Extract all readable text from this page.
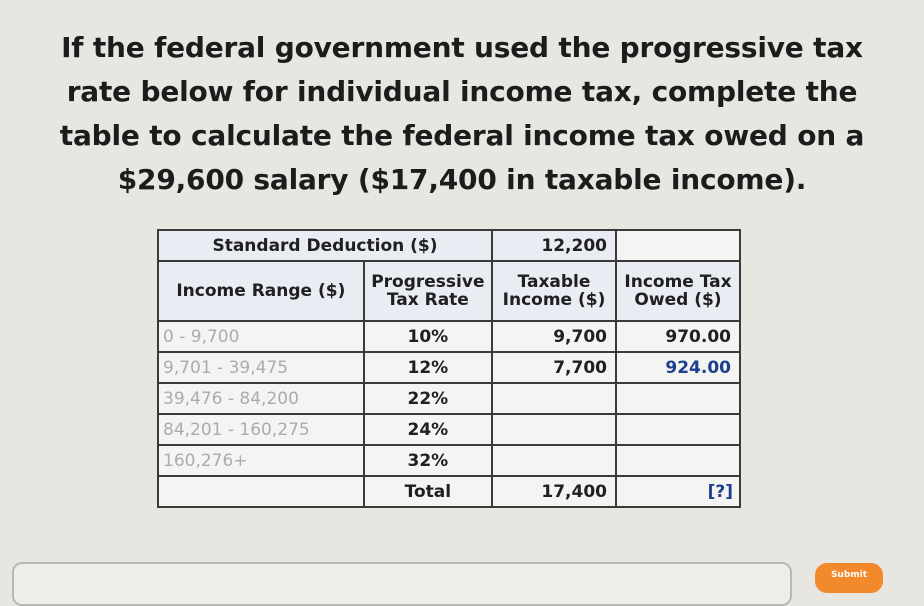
If the federal government used the progressive tax
rate below for individual income tax, complete the
table to calculate the federal income tax owed on a
$29,600 salary ($17,400 in taxable income).
Standard Deduction ($)		12,200	
Income Range ($)	Progressive Tax Rate	Taxable Income ($)	Income Tax Owed ($)
0 - 9,700	10%	9,700	970.00
9,701 - 39,475	12%	7,700	924.00
39,476 - 84,200	22%		
84,201 - 160,275	24%		
160,276+	32%		
	Total	17,400	[?]
Submit
